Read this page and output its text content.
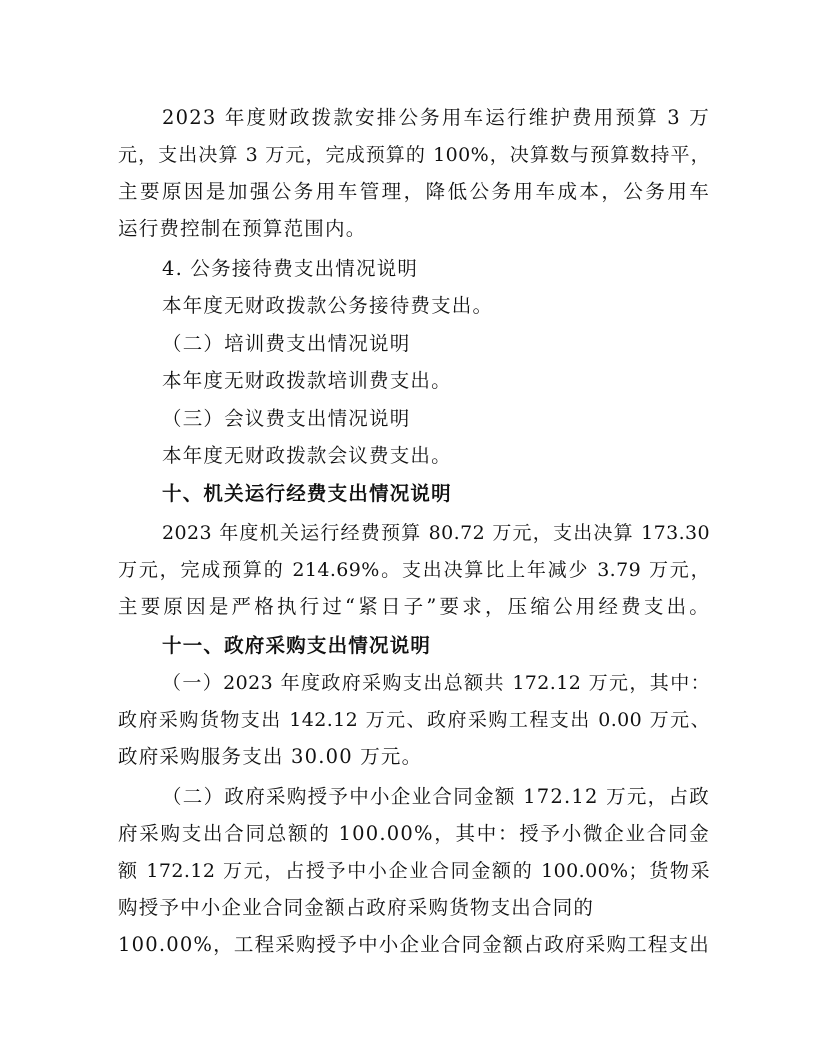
2023 年度财政拨款安排公务用车运行维护费用预算 3 万
元，支出决算 3 万元，完成预算的 100%，决算数与预算数持平，
主要原因是加强公务用车管理，降低公务用车成本，公务用车
运行费控制在预算范围内。
4. 公务接待费支出情况说明
本年度无财政拨款公务接待费支出。
（二）培训费支出情况说明
本年度无财政拨款培训费支出。
（三）会议费支出情况说明
本年度无财政拨款会议费支出。
十、机关运行经费支出情况说明
2023 年度机关运行经费预算 80.72 万元，支出决算 173.30
万元，完成预算的 214.69%。支出决算比上年减少 3.79 万元，
主要原因是严格执行过“紧日子”要求，压缩公用经费支出。
十一、政府采购支出情况说明
（一）2023 年度政府采购支出总额共 172.12 万元，其中：
政府采购货物支出 142.12 万元、政府采购工程支出 0.00 万元、
政府采购服务支出 30.00 万元。
（二）政府采购授予中小企业合同金额 172.12 万元，占政
府采购支出合同总额的 100.00%，其中：授予小微企业合同金
额 172.12 万元，占授予中小企业合同金额的 100.00%；货物采
购授予中小企业合同金额占政府采购货物支出合同的
100.00%，工程采购授予中小企业合同金额占政府采购工程支出
